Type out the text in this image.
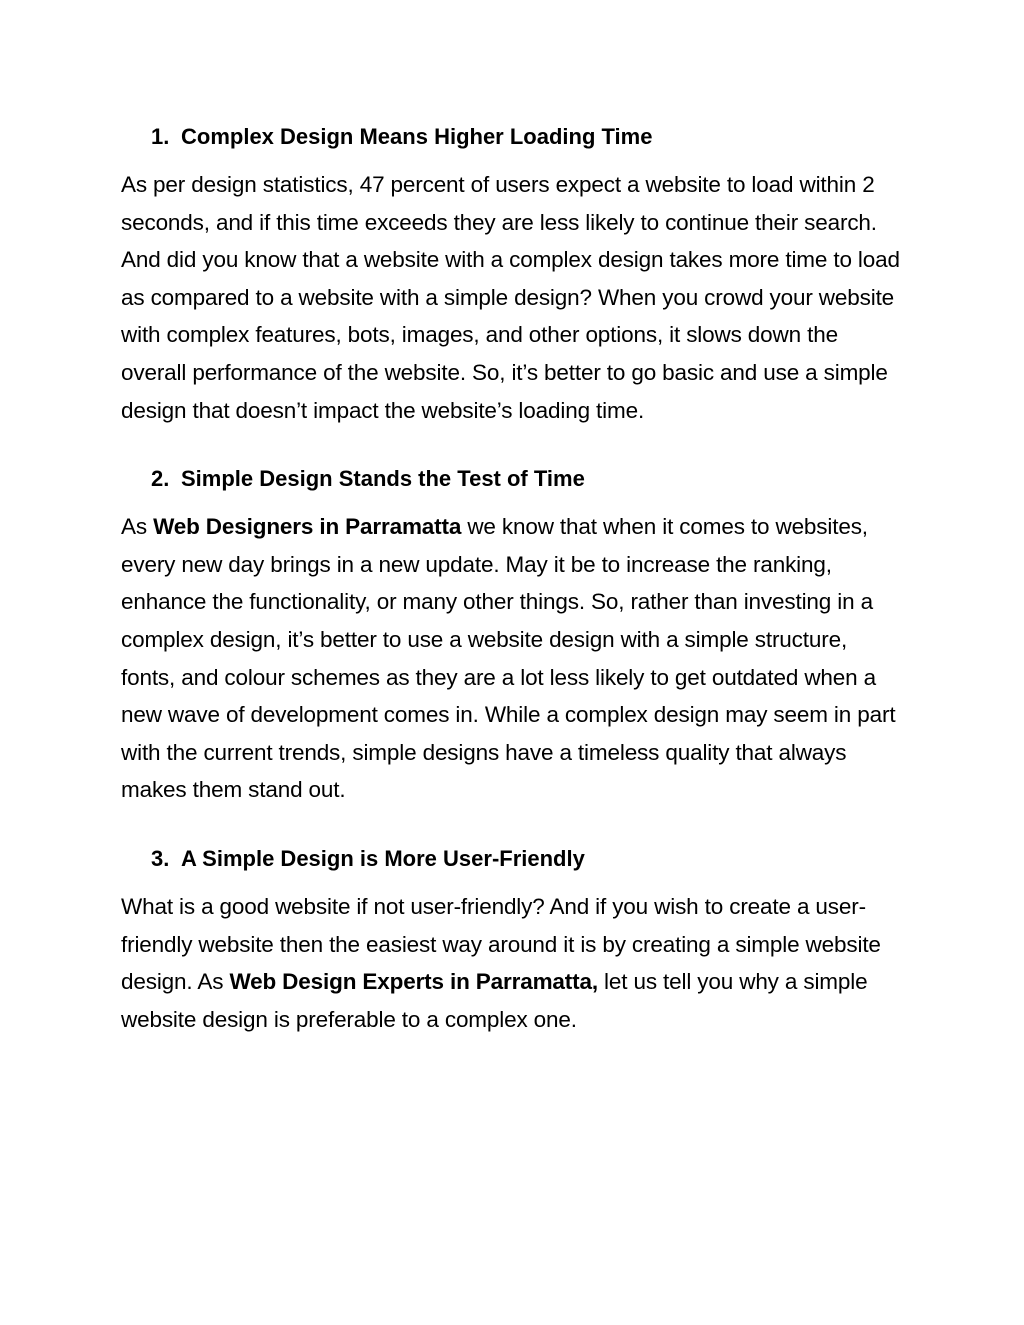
1. Complex Design Means Higher Loading Time

As per design statistics, 47 percent of users expect a website to load within 2 seconds, and if this time exceeds they are less likely to continue their search. And did you know that a website with a complex design takes more time to load as compared to a website with a simple design? When you crowd your website with complex features, bots, images, and other options, it slows down the overall performance of the website. So, it’s better to go basic and use a simple design that doesn’t impact the website’s loading time.

2. Simple Design Stands the Test of Time

As Web Designers in Parramatta we know that when it comes to websites, every new day brings in a new update. May it be to increase the ranking, enhance the functionality, or many other things. So, rather than investing in a complex design, it’s better to use a website design with a simple structure, fonts, and colour schemes as they are a lot less likely to get outdated when a new wave of development comes in. While a complex design may seem in part with the current trends, simple designs have a timeless quality that always makes them stand out.

3. A Simple Design is More User-Friendly

What is a good website if not user-friendly? And if you wish to create a user-friendly website then the easiest way around it is by creating a simple website design. As Web Design Experts in Parramatta, let us tell you why a simple website design is preferable to a complex one.
